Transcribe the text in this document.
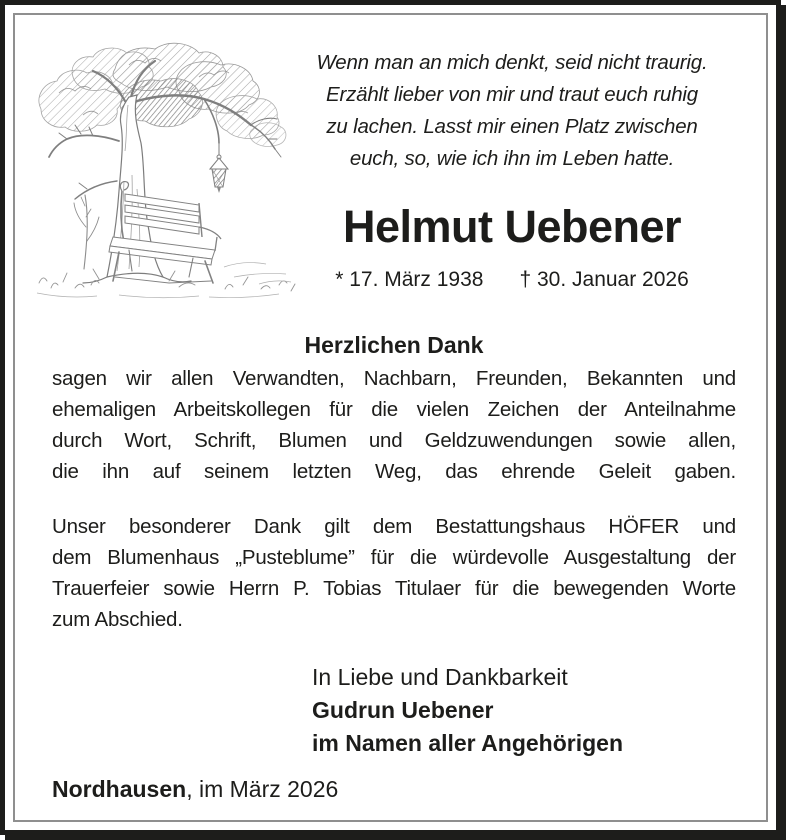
Wenn man an mich denkt, seid nicht traurig.
Erzählt lieber von mir und traut euch ruhig
zu lachen. Lasst mir einen Platz zwischen
euch, so, wie ich ihn im Leben hatte.
Helmut Uebener
* 17. März 1938 † 30. Januar 2026
Herzlichen Dank
sagen wir allen Verwandten, Nachbarn, Freunden, Bekannten und
ehemaligen Arbeitskollegen für die vielen Zeichen der Anteilnahme
durch Wort, Schrift, Blumen und Geldzuwendungen sowie allen,
die ihn auf seinem letzten Weg, das ehrende Geleit gaben.
Unser besonderer Dank gilt dem Bestattungshaus HÖFER und
dem Blumenhaus „Pusteblume” für die würdevolle Ausgestaltung der
Trauerfeier sowie Herrn P. Tobias Titulaer für die bewegenden Worte
zum Abschied.
In Liebe und Dankbarkeit
Gudrun Uebener
im Namen aller Angehörigen
Nordhausen, im März 2026
